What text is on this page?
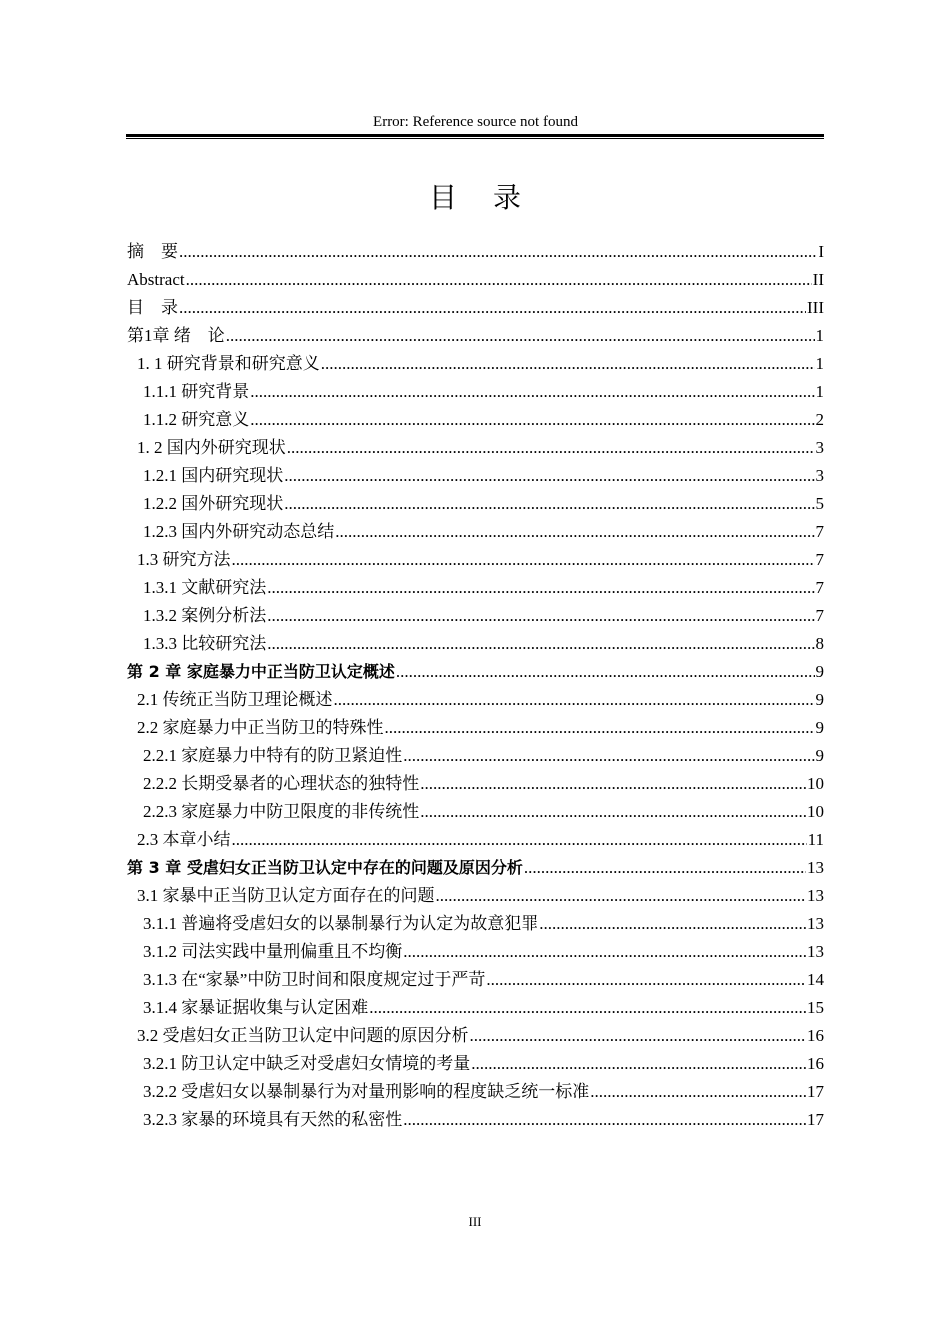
Error: Reference source not found
目录
摘　要 .....	I
Abstract .....	II
目　录 .....	III
第1章 绪　论 .....	1
1. 1 研究背景和研究意义 .....	1
1.1.1 研究背景 .....	1
1.1.2 研究意义 .....	2
1. 2 国内外研究现状 .....	3
1.2.1 国内研究现状 .....	3
1.2.2 国外研究现状 .....	5
1.2.3 国内外研究动态总结 .....	7
1.3 研究方法 .....	7
1.3.1 文献研究法 .....	7
1.3.2 案例分析法 .....	7
1.3.3 比较研究法 .....	8
第 2 章 家庭暴力中正当防卫认定概述 .....	9
2.1 传统正当防卫理论概述 .....	9
2.2 家庭暴力中正当防卫的特殊性 .....	9
2.2.1 家庭暴力中特有的防卫紧迫性 .....	9
2.2.2 长期受暴者的心理状态的独特性 .....	10
2.2.3 家庭暴力中防卫限度的非传统性 .....	10
2.3 本章小结 .....	11
第 3 章 受虐妇女正当防卫认定中存在的问题及原因分析 .....	13
3.1 家暴中正当防卫认定方面存在的问题 .....	13
3.1.1 普遍将受虐妇女的以暴制暴行为认定为故意犯罪 .....	13
3.1.2 司法实践中量刑偏重且不均衡 .....	13
3.1.3 在“家暴”中防卫时间和限度规定过于严苛 .....	14
3.1.4 家暴证据收集与认定困难 .....	15
3.2 受虐妇女正当防卫认定中问题的原因分析 .....	16
3.2.1 防卫认定中缺乏对受虐妇女情境的考量 .....	16
3.2.2 受虐妇女以暴制暴行为对量刑影响的程度缺乏统一标准 .....	17
3.2.3 家暴的环境具有天然的私密性 .....	17
III
